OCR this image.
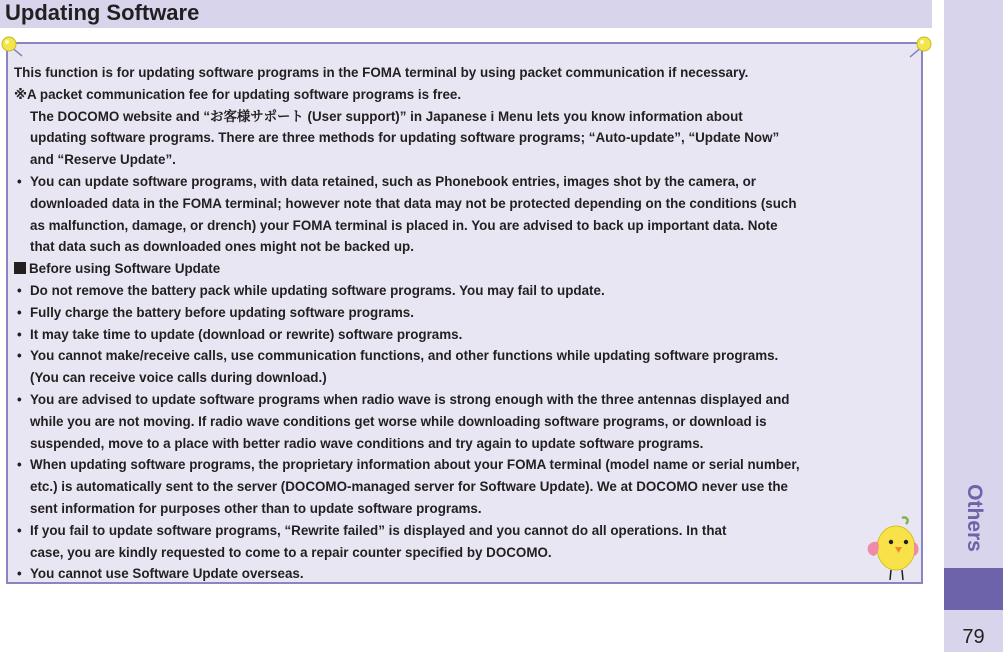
Updating Software
Others
79

This function is for updating software programs in the FOMA terminal by using packet communication if necessary.

※A packet communication fee for updating software programs is free.

The DOCOMO website and “お客様サポート (User support)” in Japanese i Menu lets you know information about

updating software programs. There are three methods for updating software programs; “Auto-update”, “Update Now”

and “Reserve Update”.

• You can update software programs, with data retained, such as Phonebook entries, images shot by the camera, or

downloaded data in the FOMA terminal; however note that data may not be protected depending on the conditions (such

as malfunction, damage, or drench) your FOMA terminal is placed in. You are advised to back up important data. Note

that data such as downloaded ones might not be backed up.

Before using Software Update

• Do not remove the battery pack while updating software programs. You may fail to update.

• Fully charge the battery before updating software programs.

• It may take time to update (download or rewrite) software programs.

• You cannot make/receive calls, use communication functions, and other functions while updating software programs.

(You can receive voice calls during download.)

• You are advised to update software programs when radio wave is strong enough with the three antennas displayed and

while you are not moving. If radio wave conditions get worse while downloading software programs, or download is

suspended, move to a place with better radio wave conditions and try again to update software programs.

• When updating software programs, the proprietary information about your FOMA terminal (model name or serial number,

etc.) is automatically sent to the server (DOCOMO-managed server for Software Update). We at DOCOMO never use the

sent information for purposes other than to update software programs.

• If you fail to update software programs, “Rewrite failed” is displayed and you cannot do all operations. In that

case, you are kindly requested to come to a repair counter specified by DOCOMO.

• You cannot use Software Update overseas.
